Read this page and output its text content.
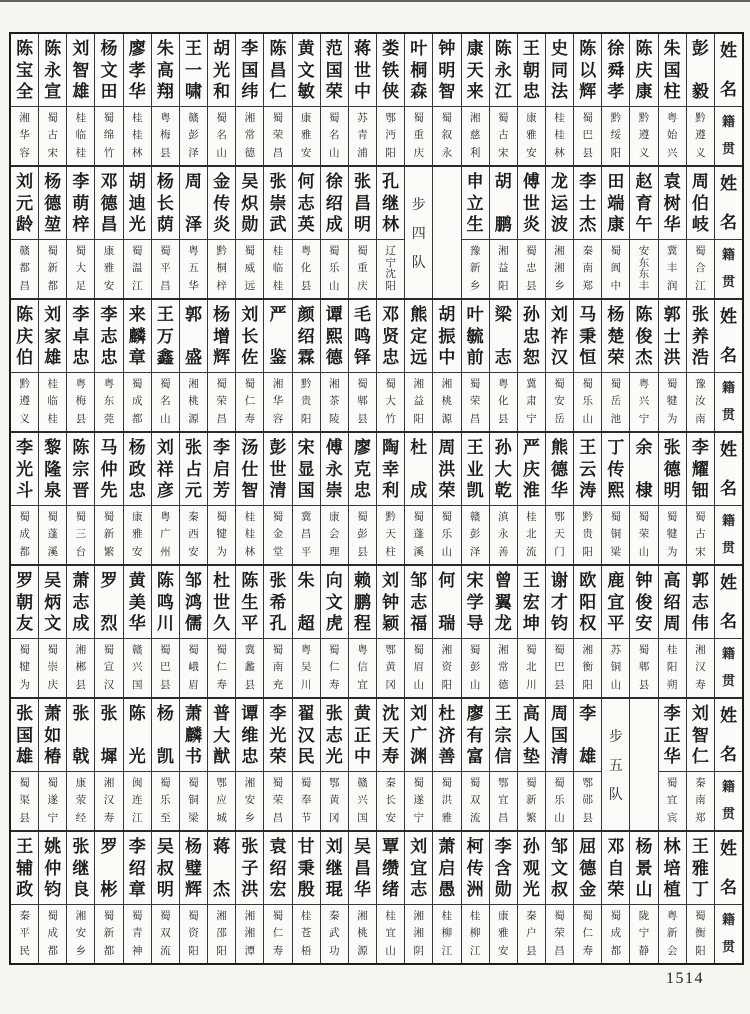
陈
宝
全
湘
华
容
陈
永
宣
蜀
古
宋
刘
智
雄
桂
临
桂
杨
文
田
蜀
绵
竹
廖
孝
华
桂
桂
林
朱
高
翔
粤
梅
县
王
一
啸
赣
彭
泽
胡
光
和
蜀
名
山
李
国
纬
湘
常
德
陈
昌
仁
蜀
荣
昌
黄
文
敏
康
雅
安
范
国
荣
蜀
名
山
蒋
世
中
苏
青
浦
娄
铁
侠
鄂
沔
阳
叶
桐
森
蜀
重
庆
钟
明
智
蜀
叙
永
康
天
来
湘
慈
利
陈
永
江
蜀
古
宋
王
朝
忠
康
雅
安
史
同
法
桂
桂
林
陈
以
辉
蜀
巴
县
徐
舜
孝
黔
绥
阳
陈
庆
康
黔
遵
义
朱
国
柱
粤
始
兴
彭
毅
黔
遵
义
姓
名
籍
贯
刘
元
龄
赣
都
昌
杨
德
堃
蜀
新
都
李
萌
梓
蜀
大
足
邓
德
昌
康
雅
安
胡
迪
光
蜀
温
江
杨
长
荫
蜀
平
昌
周
泽
粤
五
华
金
传
炎
黔
桐
梓
吴
炽
勋
蜀
威
远
张
崇
武
桂
临
桂
何
志
英
粤
化
县
徐
绍
成
蜀
乐
山
张
昌
明
蜀
重
庆
孔
继
林
辽
宁
沈
阳
步
四
队
申
立
生
豫
新
乡
胡
鹏
湘
益
阳
傅
世
炎
蜀
忠
县
龙
运
波
湘
湘
乡
李
士
杰
秦
南
郑
田
端
康
蜀
阆
中
赵
育
午
安
东
东
丰
袁
树
华
冀
丰
润
周
伯
岐
蜀
合
江
姓
名
籍
贯
陈
庆
伯
黔
遵
义
刘
家
雄
桂
临
桂
李
卓
忠
粤
梅
县
李
志
忠
粤
东
莞
来
麟
章
蜀
成
都
王
万
鑫
蜀
名
山
郭
盛
湘
桃
源
杨
增
辉
蜀
荣
昌
刘
长
佐
蜀
仁
寿
严
鉴
湘
华
容
颜
绍
霖
黔
贵
阳
谭
熙
德
湘
茶
陵
毛
鸣
铎
蜀
郫
县
邓
贤
忠
蜀
大
竹
熊
定
远
湘
益
阳
胡
振
中
湘
桃
源
叶
毓
前
蜀
荣
昌
梁
志
粤
化
县
孙
忠
恕
冀
肃
宁
刘
祚
汉
蜀
安
岳
马
秉
恒
蜀
乐
山
杨
楚
荣
蜀
岳
池
陈
俊
杰
粤
兴
宁
郭
士
洪
蜀
犍
为
张
养
浩
豫
汝
南
姓
名
籍
贯
李
光
斗
蜀
成
都
黎
隆
泉
蜀
蓬
溪
陈
宗
晋
蜀
三
台
马
仲
先
蜀
新
繁
杨
政
忠
康
雅
安
刘
祥
彦
粤
广
州
张
占
元
秦
西
安
李
启
芳
蜀
犍
为
汤
仕
智
桂
桂
林
彭
世
清
蜀
金
堂
宋
显
国
冀
昌
平
傅
永
崇
康
会
理
廖
克
忠
蜀
彭
县
陶
幸
利
黔
天
柱
杜
成
蜀
蓬
溪
周
洪
荣
蜀
乐
山
王
业
凯
赣
彭
泽
孙
大
乾
滇
永
善
严
庆
淮
桂
北
流
熊
德
华
鄂
天
门
王
云
涛
黔
贵
阳
丁
传
熙
蜀
铜
梁
余
棣
蜀
荣
山
张
德
明
蜀
犍
为
李
耀
钿
蜀
古
宋
姓
名
籍
贯
罗
朝
友
蜀
犍
为
吴
炳
文
蜀
崇
庆
萧
志
成
湘
郴
县
罗
烈
蜀
宣
汉
黄
美
华
赣
兴
国
陈
鸣
川
蜀
巴
县
邹
鸿
儒
蜀
峨
眉
杜
世
久
蜀
仁
寿
陈
生
平
冀
蠡
县
张
希
孔
蜀
南
充
朱
超
粤
吴
川
向
文
虎
蜀
仁
寿
赖
鹏
程
粤
信
宜
刘
钟
颖
鄂
黄
冈
邹
志
福
蜀
眉
山
何
瑞
湘
资
阳
宋
学
导
蜀
彭
山
曾
翼
龙
湘
常
德
王
宏
坤
蜀
北
川
谢
才
钧
蜀
巴
县
欧
阳
权
湘
衡
阳
鹿
宜
平
苏
铜
山
钟
俊
安
蜀
郫
县
高
绍
周
桂
阳
朔
郭
志
伟
湘
汉
寿
姓
名
籍
贯
张
国
雄
蜀
渠
县
萧
如
椿
蜀
遂
宁
张
戟
康
荥
经
张
墀
湘
汉
寿
陈
光
闽
连
江
杨
凯
蜀
乐
至
萧
麟
书
蜀
铜
梁
普
大
猷
鄂
应
城
谭
维
忠
湘
安
乡
李
光
荣
蜀
荣
昌
翟
汉
民
蜀
奉
节
张
志
光
鄂
黄
冈
黄
正
中
赣
兴
国
沈
天
寿
秦
长
安
刘
广
渊
蜀
遂
宁
杜
济
善
蜀
洪
雅
廖
有
富
蜀
双
流
王
宗
信
鄂
宜
昌
高
人
垫
蜀
新
繁
周
国
清
蜀
乐
山
李
雄
鄂
郧
县
步
五
队
李
正
华
蜀
宜
宾
刘
智
仁
秦
南
郑
姓
名
籍
贯
王
辅
政
秦
平
民
姚
仲
钧
蜀
成
都
张
继
良
湘
安
乡
罗
彬
蜀
新
都
李
绍
章
蜀
青
神
吴
叔
明
蜀
双
流
杨
璧
辉
蜀
资
阳
蒋
杰
湘
邵
阳
张
子
洪
湘
湘
潭
袁
绍
宏
蜀
仁
寿
甘
秉
殷
桂
苍
梧
刘
继
琨
秦
武
功
吴
昌
华
湘
桃
源
覃
缵
绪
桂
宜
山
刘
宜
志
湘
湘
阴
萧
启
愚
桂
柳
江
柯
传
洲
桂
柳
江
李
含
勋
康
雅
安
孙
观
光
秦
户
县
邹
文
叔
蜀
荣
昌
屈
德
金
蜀
仁
寿
邓
自
荣
蜀
成
都
杨
景
山
陇
宁
静
林
培
植
粤
新
会
王
雅
丁
蜀
衡
阳
姓
名
籍
贯
1514
